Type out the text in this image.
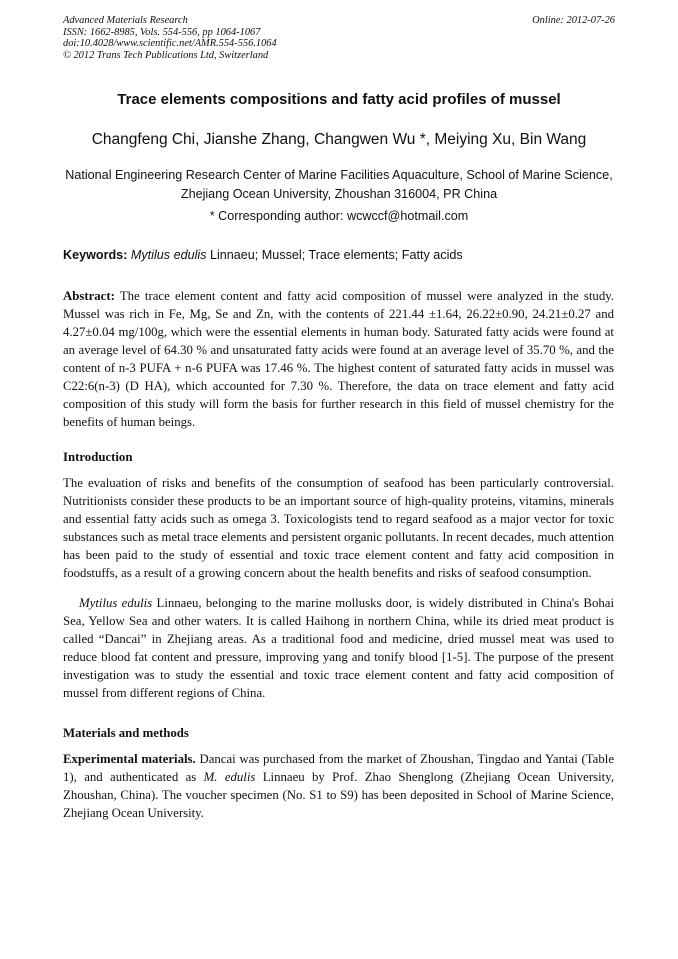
Advanced Materials Research
ISSN: 1662-8985, Vols. 554-556, pp 1064-1067
doi:10.4028/www.scientific.net/AMR.554-556.1064
© 2012 Trans Tech Publications Ltd, Switzerland
Online: 2012-07-26
Trace elements compositions and fatty acid profiles of mussel
Changfeng Chi, Jianshe Zhang, Changwen Wu *, Meiying Xu, Bin Wang
National Engineering Research Center of Marine Facilities Aquaculture, School of Marine Science,
Zhejiang Ocean University, Zhoushan 316004, PR China
* Corresponding author: wcwccf@hotmail.com
Keywords: Mytilus edulis Linnaeu; Mussel; Trace elements; Fatty acids
Abstract: The trace element content and fatty acid composition of mussel were analyzed in the study. Mussel was rich in Fe, Mg, Se and Zn, with the contents of 221.44 ±1.64, 26.22±0.90, 24.21±0.27 and 4.27±0.04 mg/100g, which were the essential elements in human body. Saturated fatty acids were found at an average level of 64.30 % and unsaturated fatty acids were found at an average level of 35.70 %, and the content of n-3 PUFA + n-6 PUFA was 17.46 %. The highest content of saturated fatty acids in mussel was C22:6(n-3) (D HA), which accounted for 7.30 %. Therefore, the data on trace element and fatty acid composition of this study will form the basis for further research in this field of mussel chemistry for the benefits of human beings.
Introduction
The evaluation of risks and benefits of the consumption of seafood has been particularly controversial. Nutritionists consider these products to be an important source of high-quality proteins, vitamins, minerals and essential fatty acids such as omega 3. Toxicologists tend to regard seafood as a major vector for toxic substances such as metal trace elements and persistent organic pollutants. In recent decades, much attention has been paid to the study of essential and toxic trace element content and fatty acid composition in foodstuffs, as a result of a growing concern about the health benefits and risks of seafood consumption.
Mytilus edulis Linnaeu, belonging to the marine mollusks door, is widely distributed in China's Bohai Sea, Yellow Sea and other waters. It is called Haihong in northern China, while its dried meat product is called “Dancai” in Zhejiang areas. As a traditional food and medicine, dried mussel meat was used to reduce blood fat content and pressure, improving yang and tonify blood [1-5]. The purpose of the present investigation was to study the essential and toxic trace element content and fatty acid composition of mussel from different regions of China.
Materials and methods
Experimental materials. Dancai was purchased from the market of Zhoushan, Tingdao and Yantai (Table 1), and authenticated as M. edulis Linnaeu by Prof. Zhao Shenglong (Zhejiang Ocean University, Zhoushan, China). The voucher specimen (No. S1 to S9) has been deposited in School of Marine Science, Zhejiang Ocean University.
